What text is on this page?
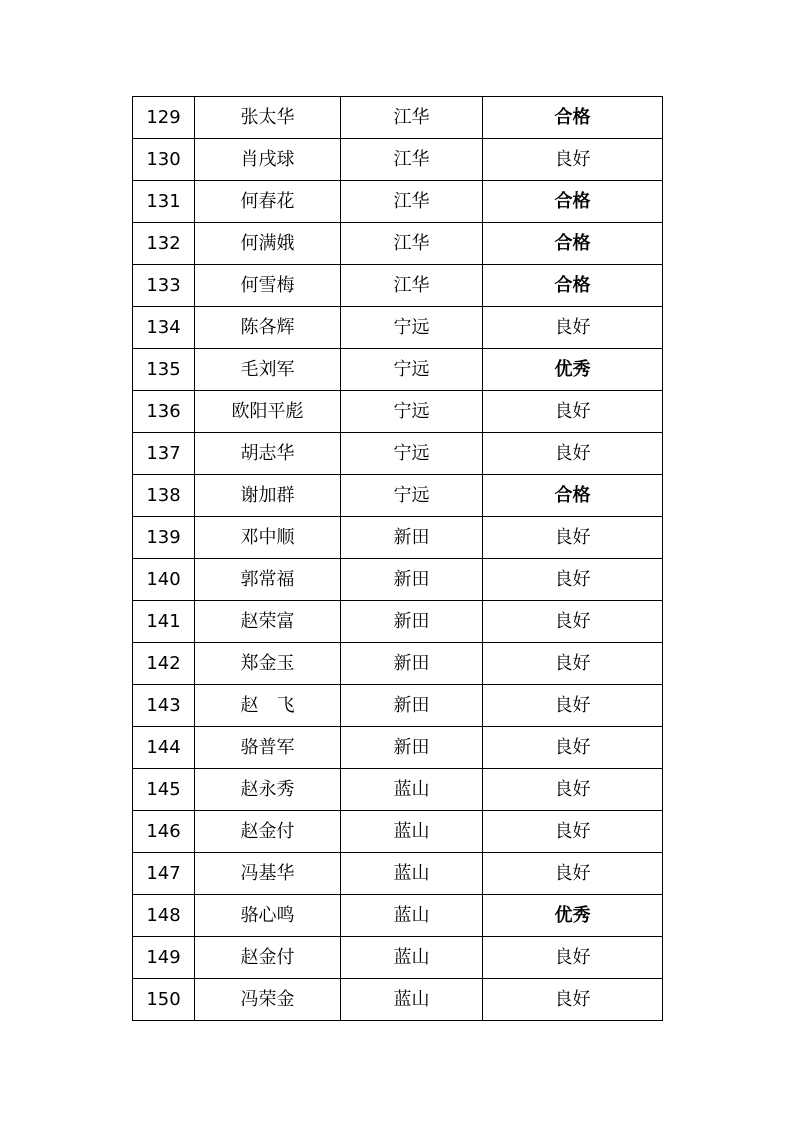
129	张太华	江华	合格
130	肖戌球	江华	良好
131	何春花	江华	合格
132	何满娥	江华	合格
133	何雪梅	江华	合格
134	陈各辉	宁远	良好
135	毛刘军	宁远	优秀
136	欧阳平彪	宁远	良好
137	胡志华	宁远	良好
138	谢加群	宁远	合格
139	邓中顺	新田	良好
140	郭常福	新田	良好
141	赵荣富	新田	良好
142	郑金玉	新田	良好
143	赵　飞	新田	良好
144	骆普军	新田	良好
145	赵永秀	蓝山	良好
146	赵金付	蓝山	良好
147	冯基华	蓝山	良好
148	骆心鸣	蓝山	优秀
149	赵金付	蓝山	良好
150	冯荣金	蓝山	良好
